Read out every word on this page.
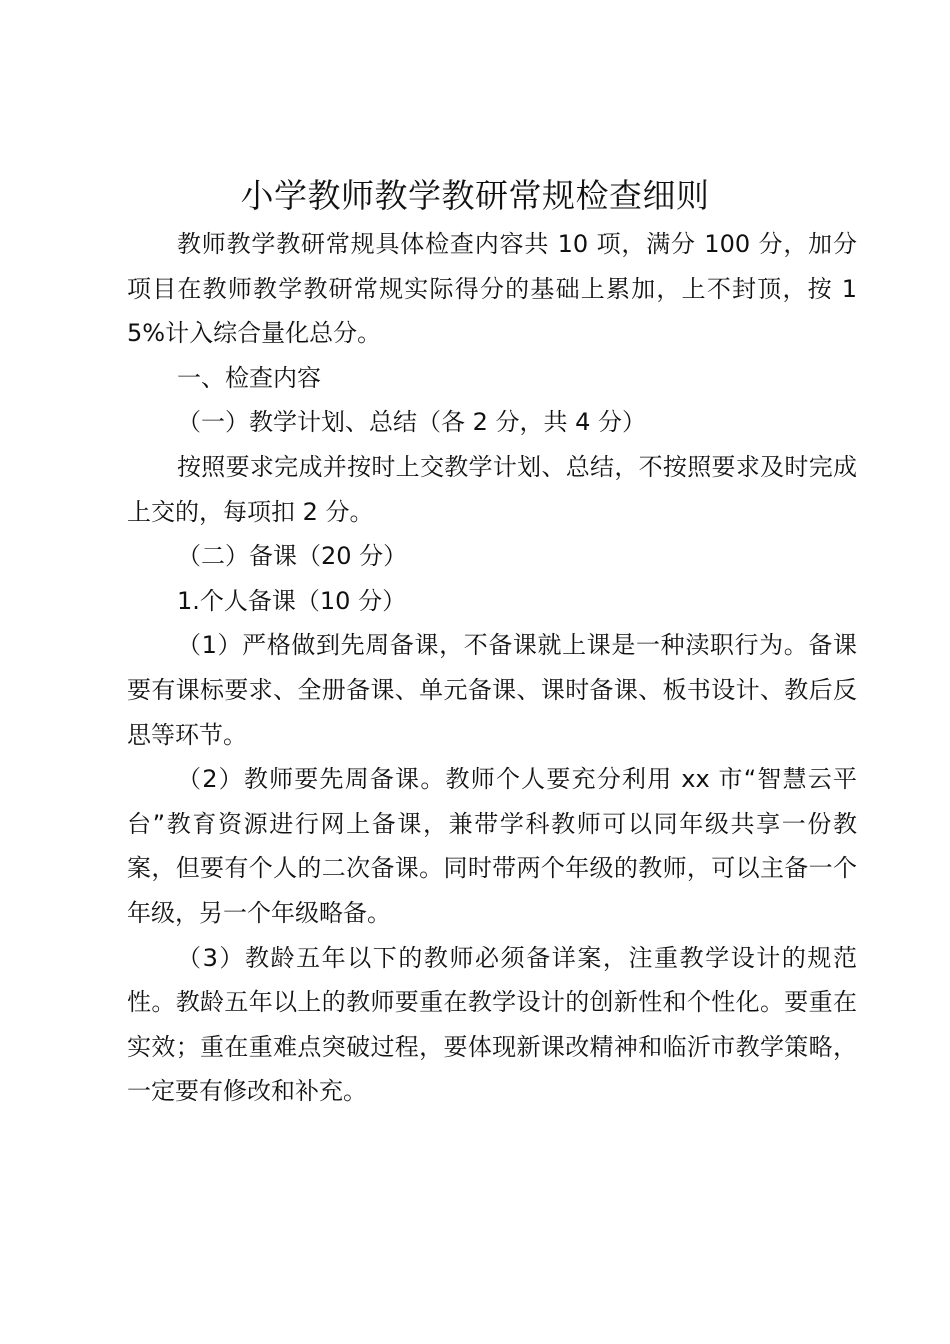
小学教师教学教研常规检查细则

教师教学教研常规具体检查内容共 10 项，满分 100 分，加分项目在教师教学教研常规实际得分的基础上累加，上不封顶，按 15%计入综合量化总分。

一、检查内容

（一）教学计划、总结（各 2 分，共 4 分）

按照要求完成并按时上交教学计划、总结，不按照要求及时完成上交的，每项扣 2 分。

（二）备课（20 分）

1.个人备课（10 分）

（1）严格做到先周备课，不备课就上课是一种渎职行为。备课要有课标要求、全册备课、单元备课、课时备课、板书设计、教后反思等环节。

（2）教师要先周备课。教师个人要充分利用 xx 市“智慧云平台”教育资源进行网上备课，兼带学科教师可以同年级共享一份教案，但要有个人的二次备课。同时带两个年级的教师，可以主备一个年级，另一个年级略备。

（3）教龄五年以下的教师必须备详案，注重教学设计的规范性。教龄五年以上的教师要重在教学设计的创新性和个性化。要重在实效；重在重难点突破过程，要体现新课改精神和临沂市教学策略，一定要有修改和补充。
